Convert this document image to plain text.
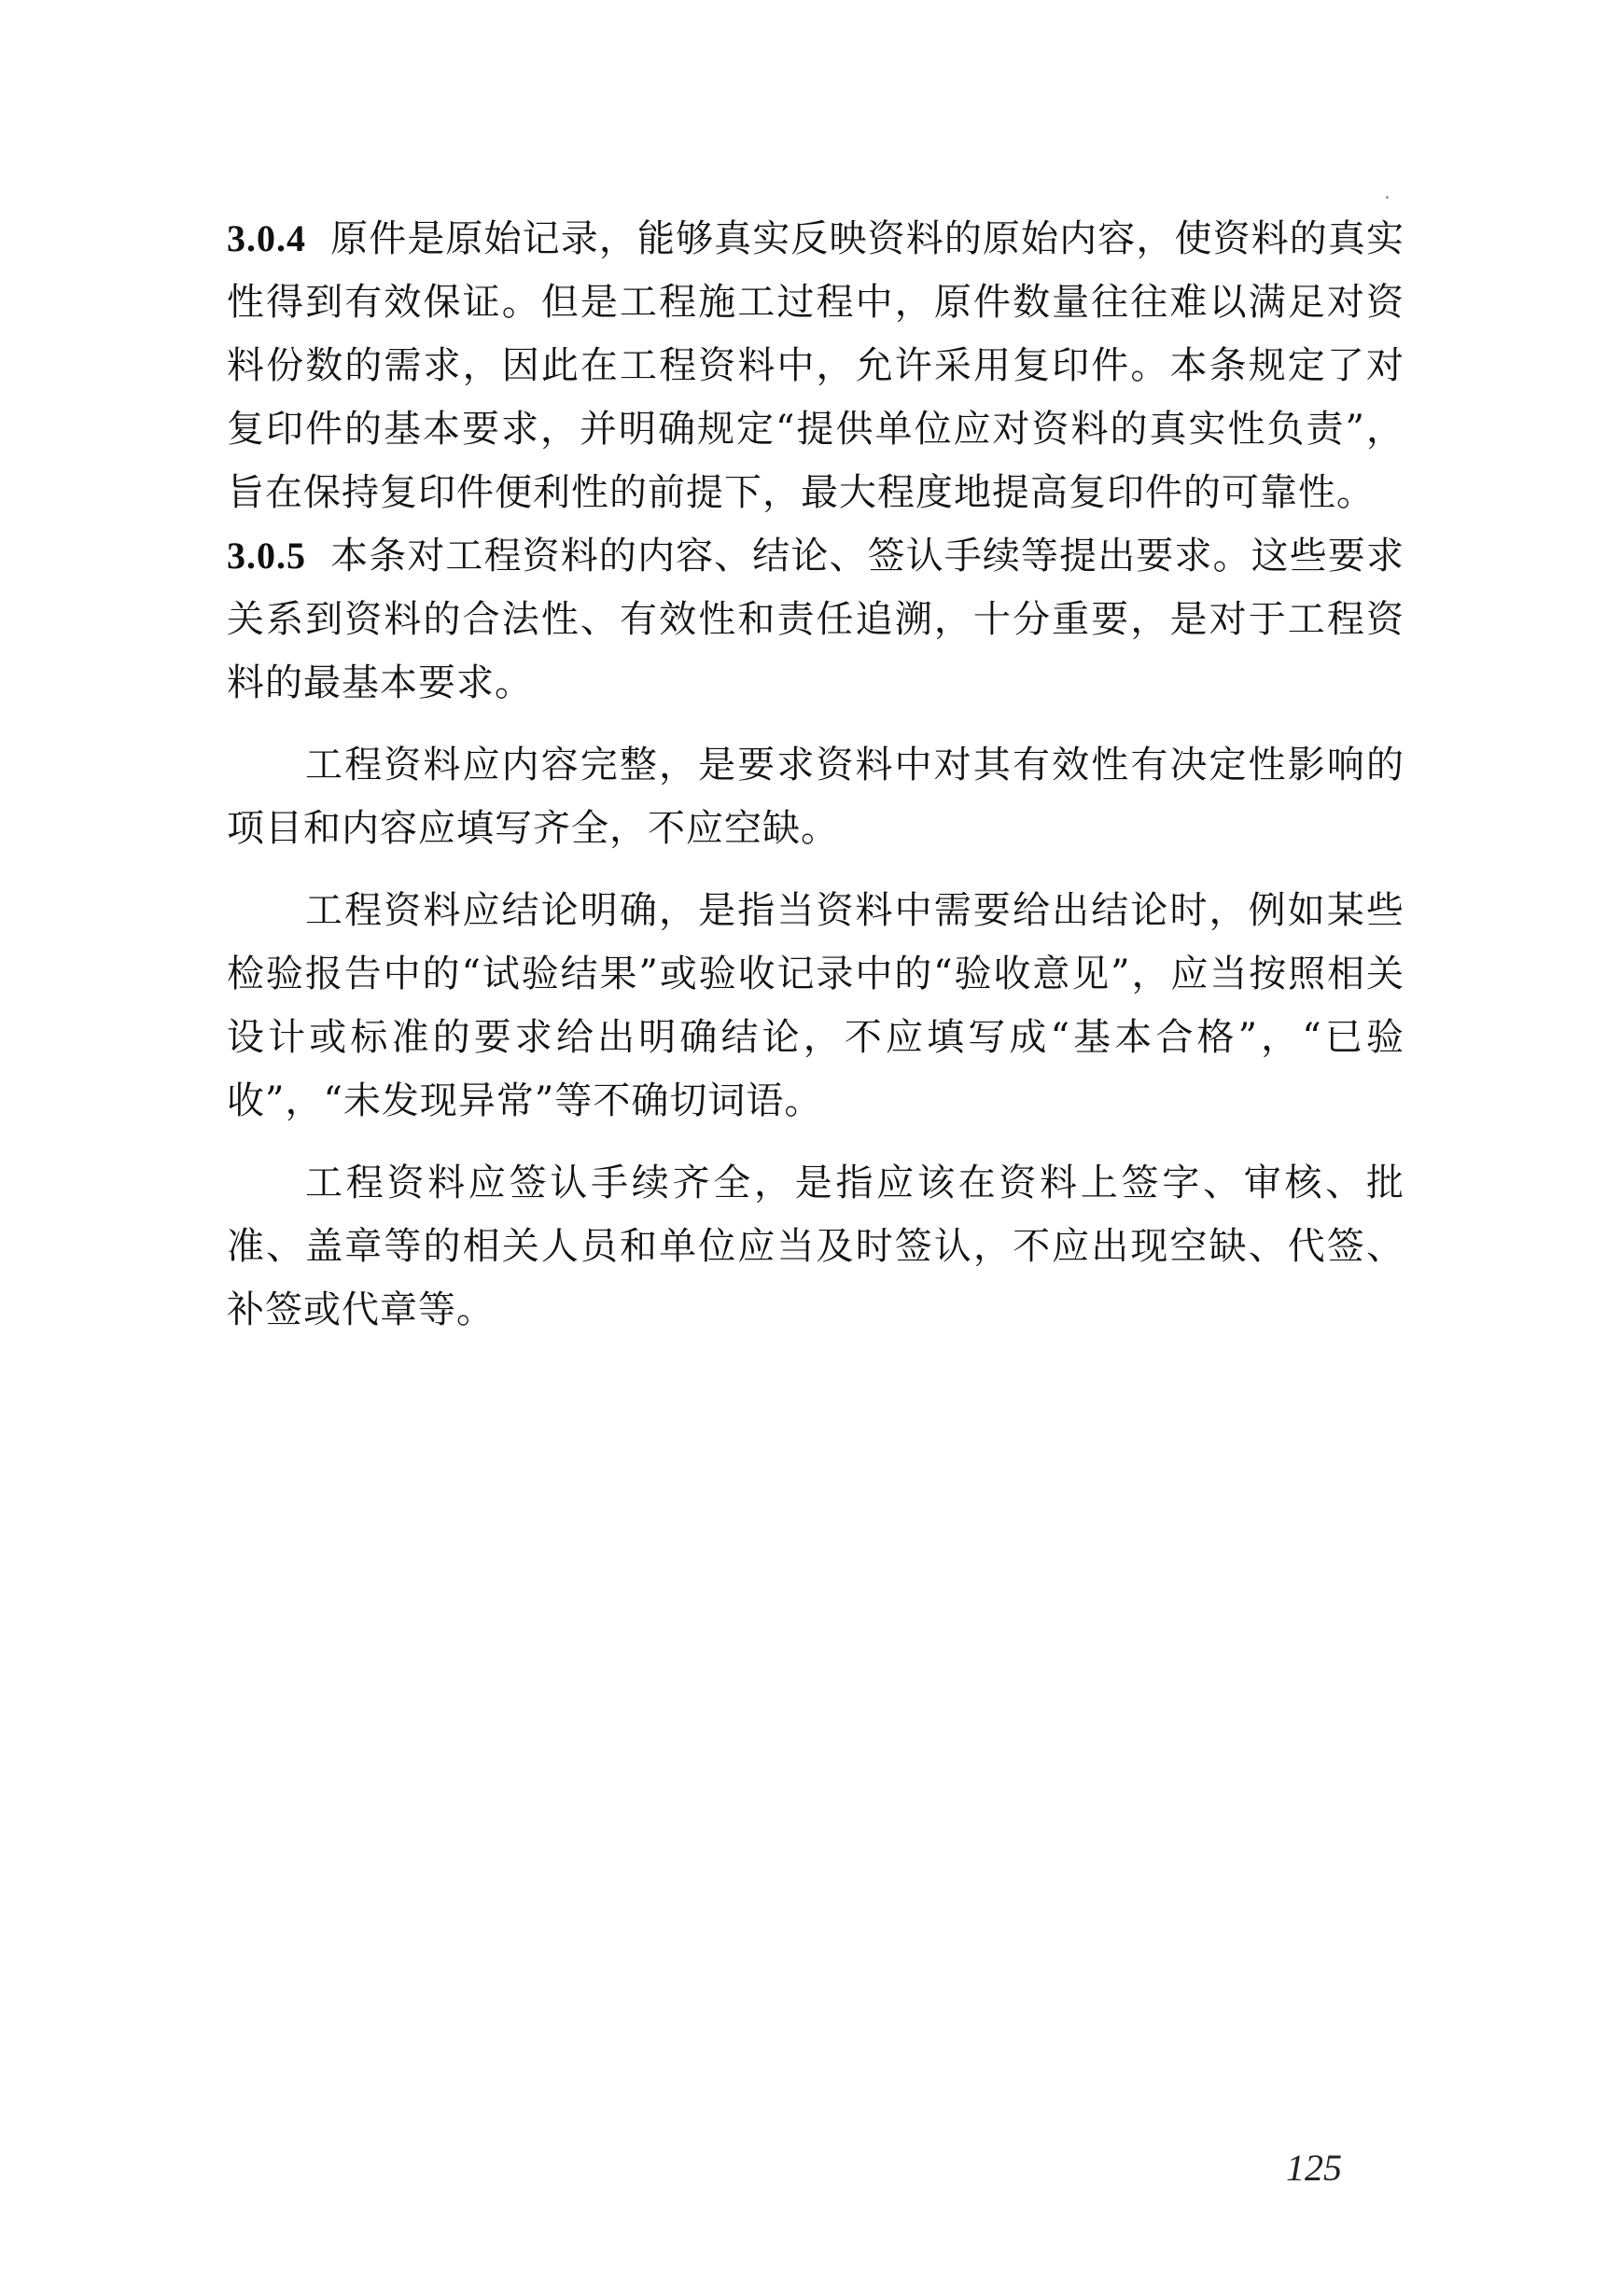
3.0.4 原件是原始记录，能够真实反映资料的原始内容，使资料的真实性得到有效保证。但是工程施工过程中，原件数量往往难以满足对资料份数的需求，因此在工程资料中，允许采用复印件。本条规定了对复印件的基本要求，并明确规定“提供单位应对资料的真实性负责”，旨在保持复印件便利性的前提下，最大程度地提高复印件的可靠性。

3.0.5 本条对工程资料的内容、结论、签认手续等提出要求。这些要求关系到资料的合法性、有效性和责任追溯，十分重要，是对于工程资料的最基本要求。

工程资料应内容完整，是要求资料中对其有效性有决定性影响的项目和内容应填写齐全，不应空缺。

工程资料应结论明确，是指当资料中需要给出结论时，例如某些检验报告中的“试验结果”或验收记录中的“验收意见”，应当按照相关设计或标准的要求给出明确结论，不应填写成“基本合格”，“已验收”，“未发现异常”等不确切词语。

工程资料应签认手续齐全，是指应该在资料上签字、审核、批准、盖章等的相关人员和单位应当及时签认，不应出现空缺、代签、补签或代章等。

125
